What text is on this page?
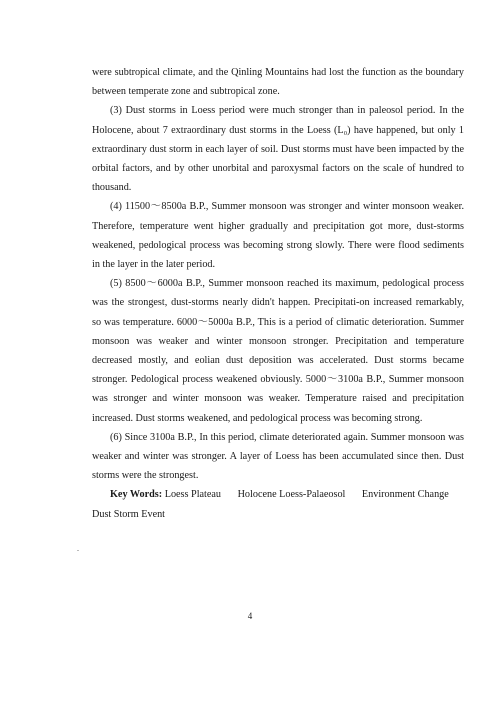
were subtropical climate, and the Qinling Mountains had lost the function as the boundary between temperate zone and subtropical zone.

(3) Dust storms in Loess period were much stronger than in paleosol period. In the Holocene, about 7 extraordinary dust storms in the Loess (L₀) have happened, but only 1 extraordinary dust storm in each layer of soil. Dust storms must have been impacted by the orbital factors, and by other unorbital and paroxysmal factors on the scale of hundred to thousand.

(4) 11500～8500a B.P., Summer monsoon was stronger and winter monsoon weaker. Therefore, temperature went higher gradually and precipitation got more, dust-storms weakened, pedological process was becoming strong slowly. There were flood sediments in the layer in the later period.

(5) 8500～6000a B.P., Summer monsoon reached its maximum, pedological process was the strongest, dust-storms nearly didn't happen. Precipitati-on increased remarkably, so was temperature. 6000～5000a B.P., This is a period of climatic deterioration. Summer monsoon was weaker and winter monsoon stronger. Precipitation and temperature decreased mostly, and eolian dust deposition was accelerated. Dust storms became stronger. Pedological process weakened obviously. 5000～3100a B.P., Summer monsoon was stronger and winter monsoon was weaker. Temperature raised and precipitation increased. Dust storms weakened, and pedological process was becoming strong.

(6) Since 3100a B.P., In this period, climate deteriorated again. Summer monsoon was weaker and winter was stronger. A layer of Loess has been accumulated since then. Dust storms were the strongest.

Key Words: Loess Plateau Holocene Loess-Palaeosol Environment Change Dust Storm Event

4
